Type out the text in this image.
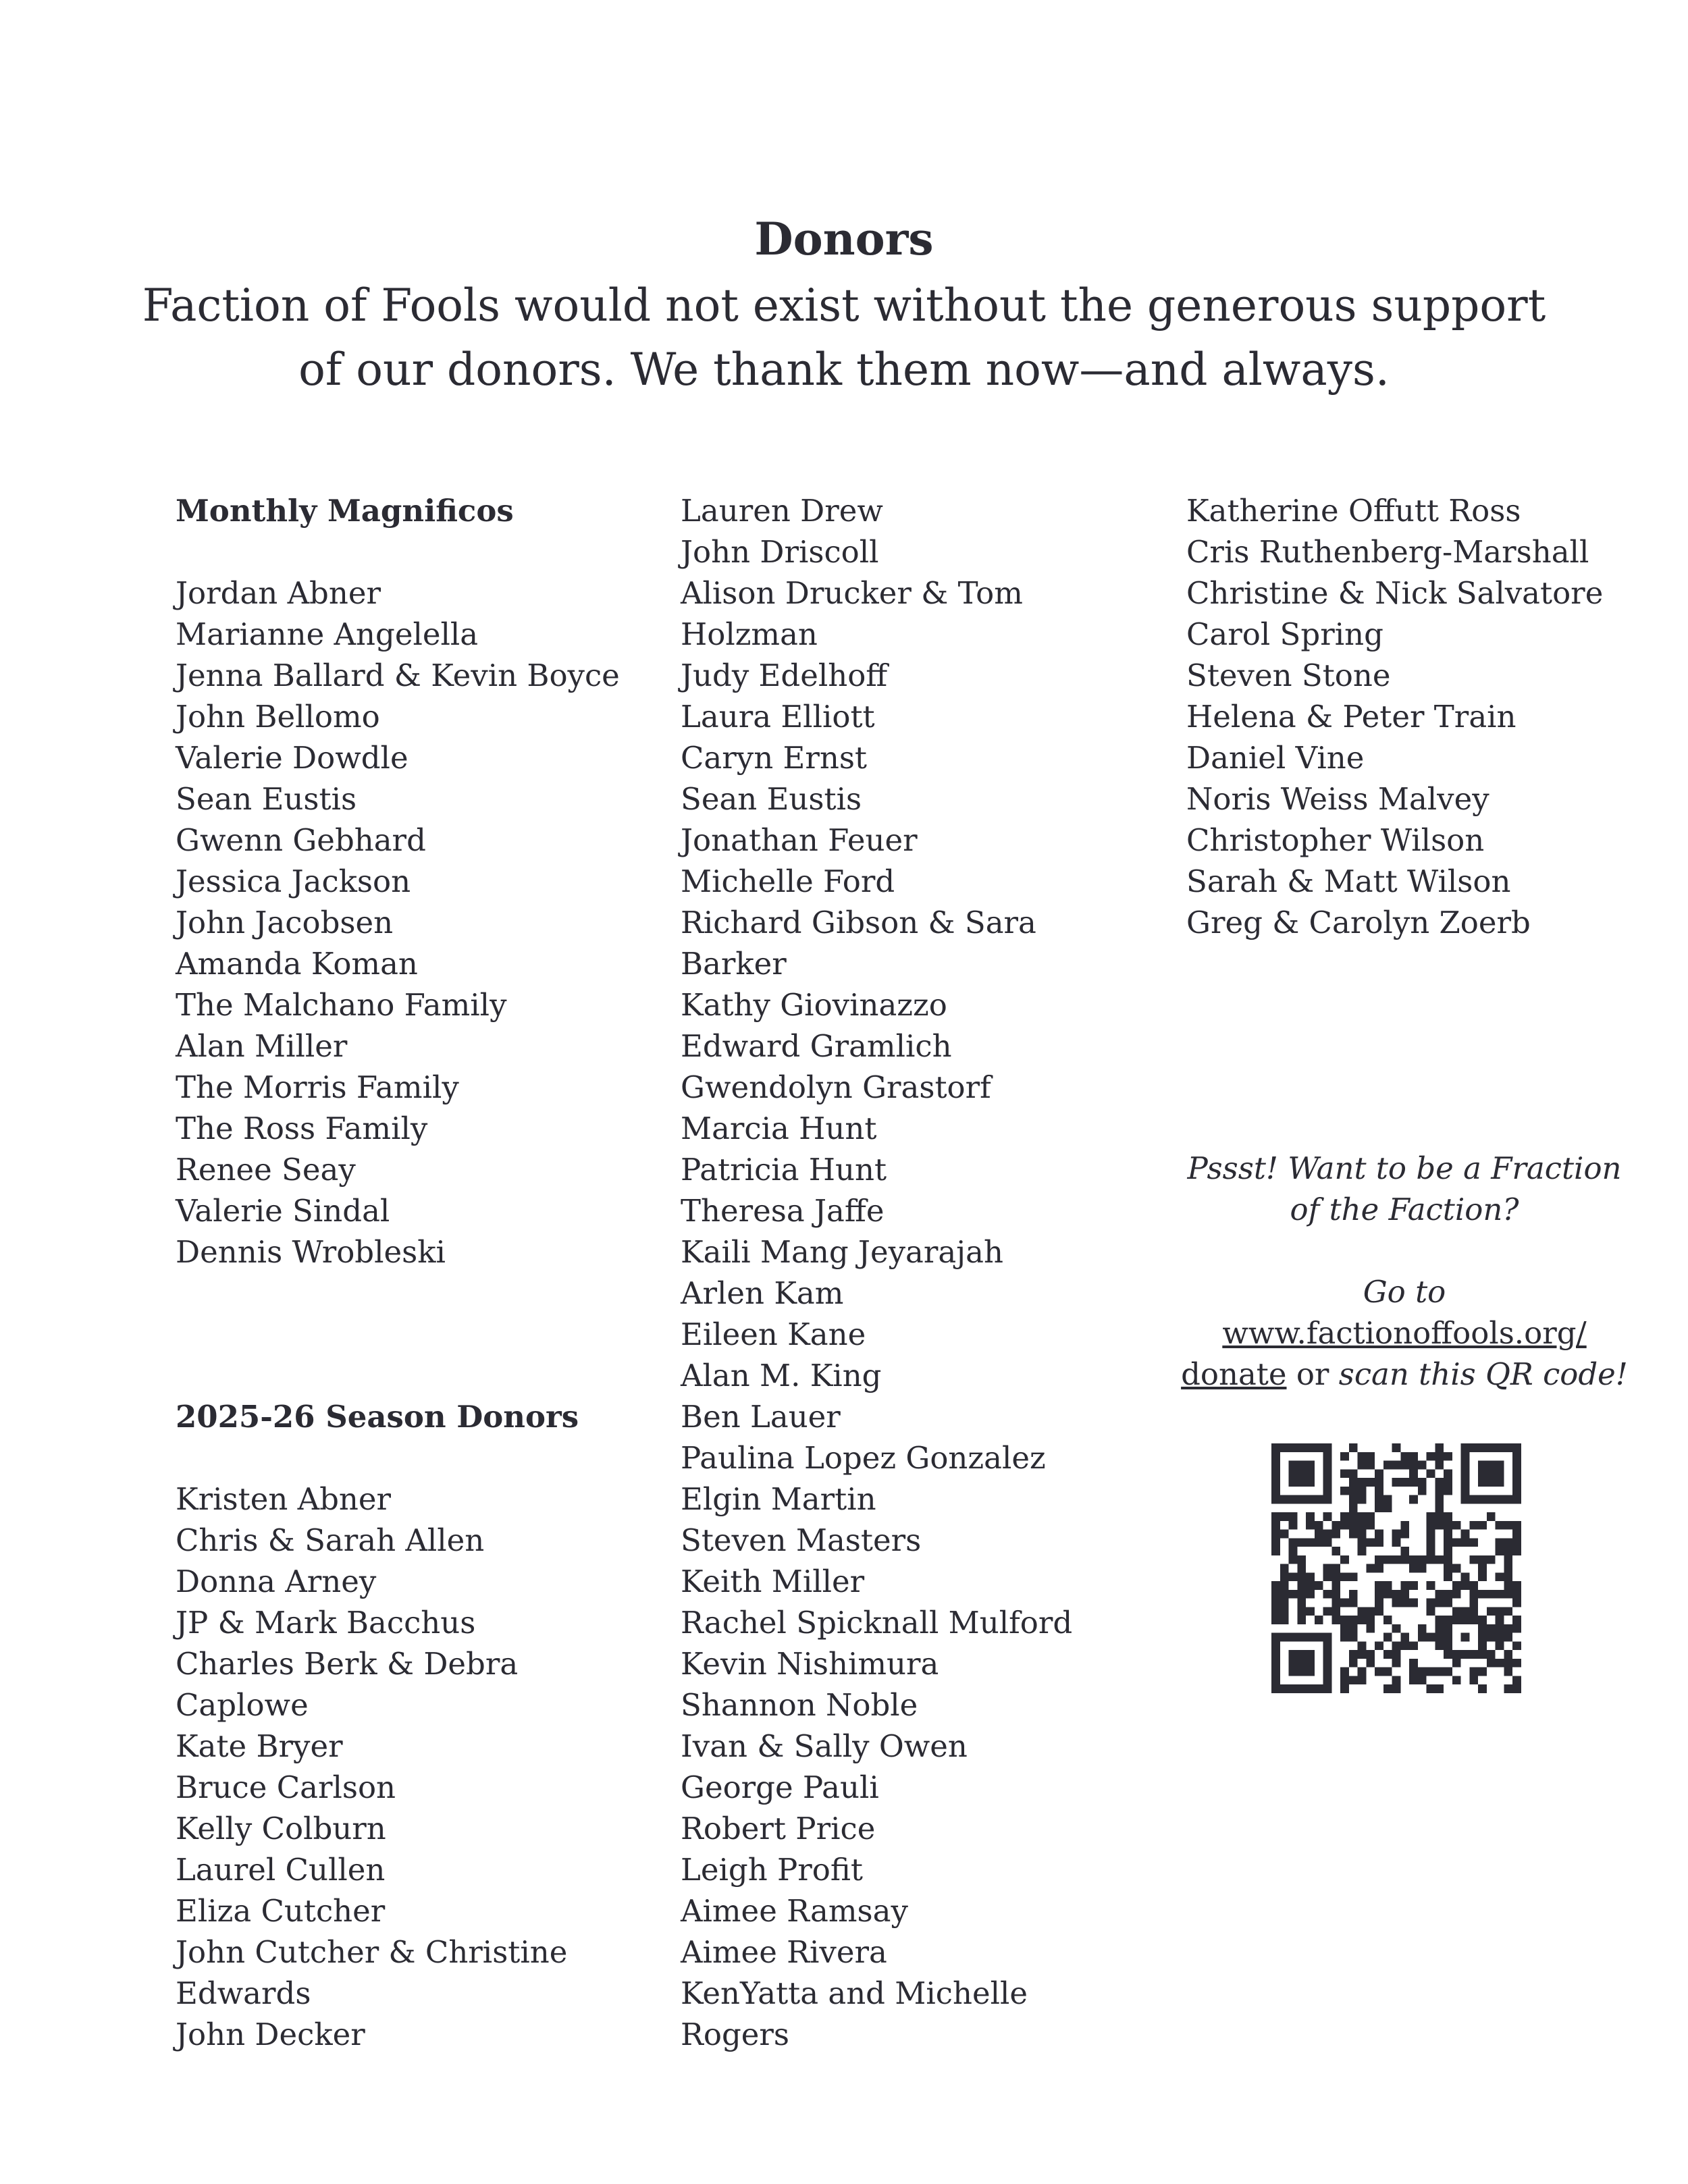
Donors
Faction of Fools would not exist without the generous support
of our donors. We thank them now—and always.
Monthly Magnificos
Jordan Abner
Marianne Angelella
Jenna Ballard & Kevin Boyce
John Bellomo
Valerie Dowdle
Sean Eustis
Gwenn Gebhard
Jessica Jackson
John Jacobsen
Amanda Koman
The Malchano Family
Alan Miller
The Morris Family
The Ross Family
Renee Seay
Valerie Sindal
Dennis Wrobleski
2025-26 Season Donors
Kristen Abner
Chris & Sarah Allen
Donna Arney
JP & Mark Bacchus
Charles Berk & Debra
Caplowe
Kate Bryer
Bruce Carlson
Kelly Colburn
Laurel Cullen
Eliza Cutcher
John Cutcher & Christine
Edwards
John Decker
Lauren Drew
John Driscoll
Alison Drucker & Tom
Holzman
Judy Edelhoff
Laura Elliott
Caryn Ernst
Sean Eustis
Jonathan Feuer
Michelle Ford
Richard Gibson & Sara
Barker
Kathy Giovinazzo
Edward Gramlich
Gwendolyn Grastorf
Marcia Hunt
Patricia Hunt
Theresa Jaffe
Kaili Mang Jeyarajah
Arlen Kam
Eileen Kane
Alan M. King
Ben Lauer
Paulina Lopez Gonzalez
Elgin Martin
Steven Masters
Keith Miller
Rachel Spicknall Mulford
Kevin Nishimura
Shannon Noble
Ivan & Sally Owen
George Pauli
Robert Price
Leigh Profit
Aimee Ramsay
Aimee Rivera
KenYatta and Michelle
Rogers
Katherine Offutt Ross
Cris Ruthenberg-Marshall
Christine & Nick Salvatore
Carol Spring
Steven Stone
Helena & Peter Train
Daniel Vine
Noris Weiss Malvey
Christopher Wilson
Sarah & Matt Wilson
Greg & Carolyn Zoerb
Pssst! Want to be a Fraction
of the Faction?
Go to
www.factionoffools.org/
donate or scan this QR code!
